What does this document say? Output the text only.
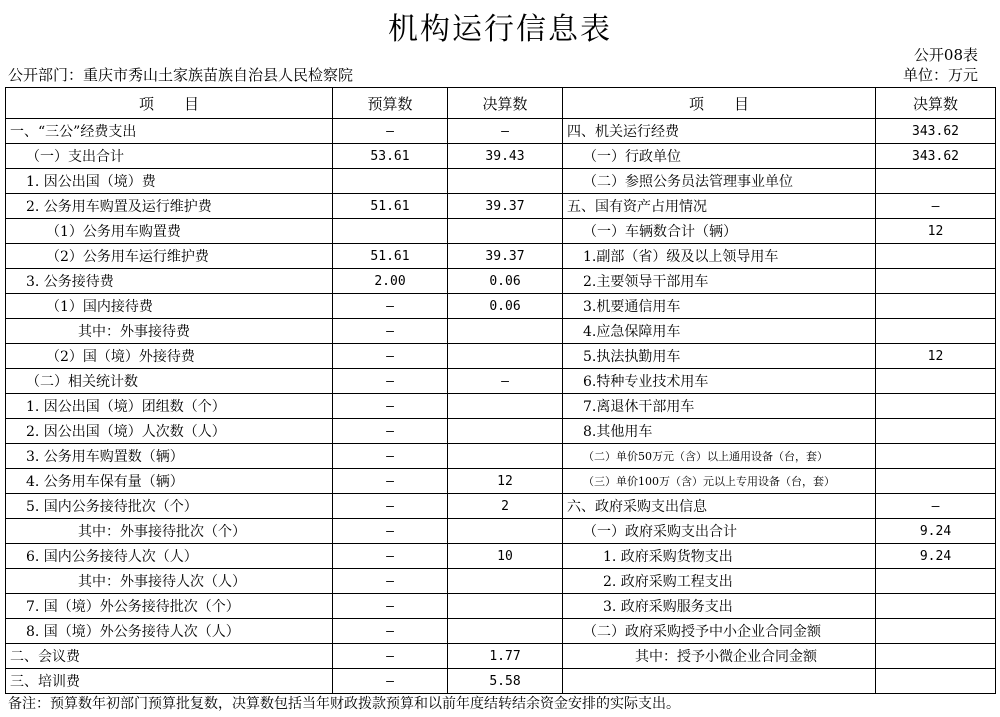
机构运行信息表
公开08表
公开部门：重庆市秀山土家族苗族自治县人民检察院	单位：万元
项　　目	预算数	决算数	项　　目	决算数
一、“三公”经费支出	—	—	四、机关运行经费	343.62
（一）支出合计	53.61	39.43	（一）行政单位	343.62
1. 因公出国（境）费			（二）参照公务员法管理事业单位	
2. 公务用车购置及运行维护费	51.61	39.37	五、国有资产占用情况	—
（1）公务用车购置费			（一）车辆数合计（辆）	12
（2）公务用车运行维护费	51.61	39.37	1.副部（省）级及以上领导用车	
3. 公务接待费	2.00	0.06	2.主要领导干部用车	
（1）国内接待费	—	0.06	3.机要通信用车	
其中：外事接待费	—		4.应急保障用车	
（2）国（境）外接待费	—		5.执法执勤用车	12
（二）相关统计数	—	—	6.特种专业技术用车	
1. 因公出国（境）团组数（个）	—		7.离退休干部用车	
2. 因公出国（境）人次数（人）	—		8.其他用车	
3. 公务用车购置数（辆）	—		（二）单价50万元（含）以上通用设备（台，套）	
4. 公务用车保有量（辆）	—	12	（三）单价100万（含）元以上专用设备（台，套）	
5. 国内公务接待批次（个）	—	2	六、政府采购支出信息	—
其中：外事接待批次（个）	—		（一）政府采购支出合计	9.24
6. 国内公务接待人次（人）	—	10	1. 政府采购货物支出	9.24
其中：外事接待人次（人）	—		2. 政府采购工程支出	
7. 国（境）外公务接待批次（个）	—		3. 政府采购服务支出	
8. 国（境）外公务接待人次（人）	—		（二）政府采购授予中小企业合同金额	
二、会议费	—	1.77	其中：授予小微企业合同金额	
三、培训费	—	5.58		
备注：预算数年初部门预算批复数，决算数包括当年财政拨款预算和以前年度结转结余资金安排的实际支出。
